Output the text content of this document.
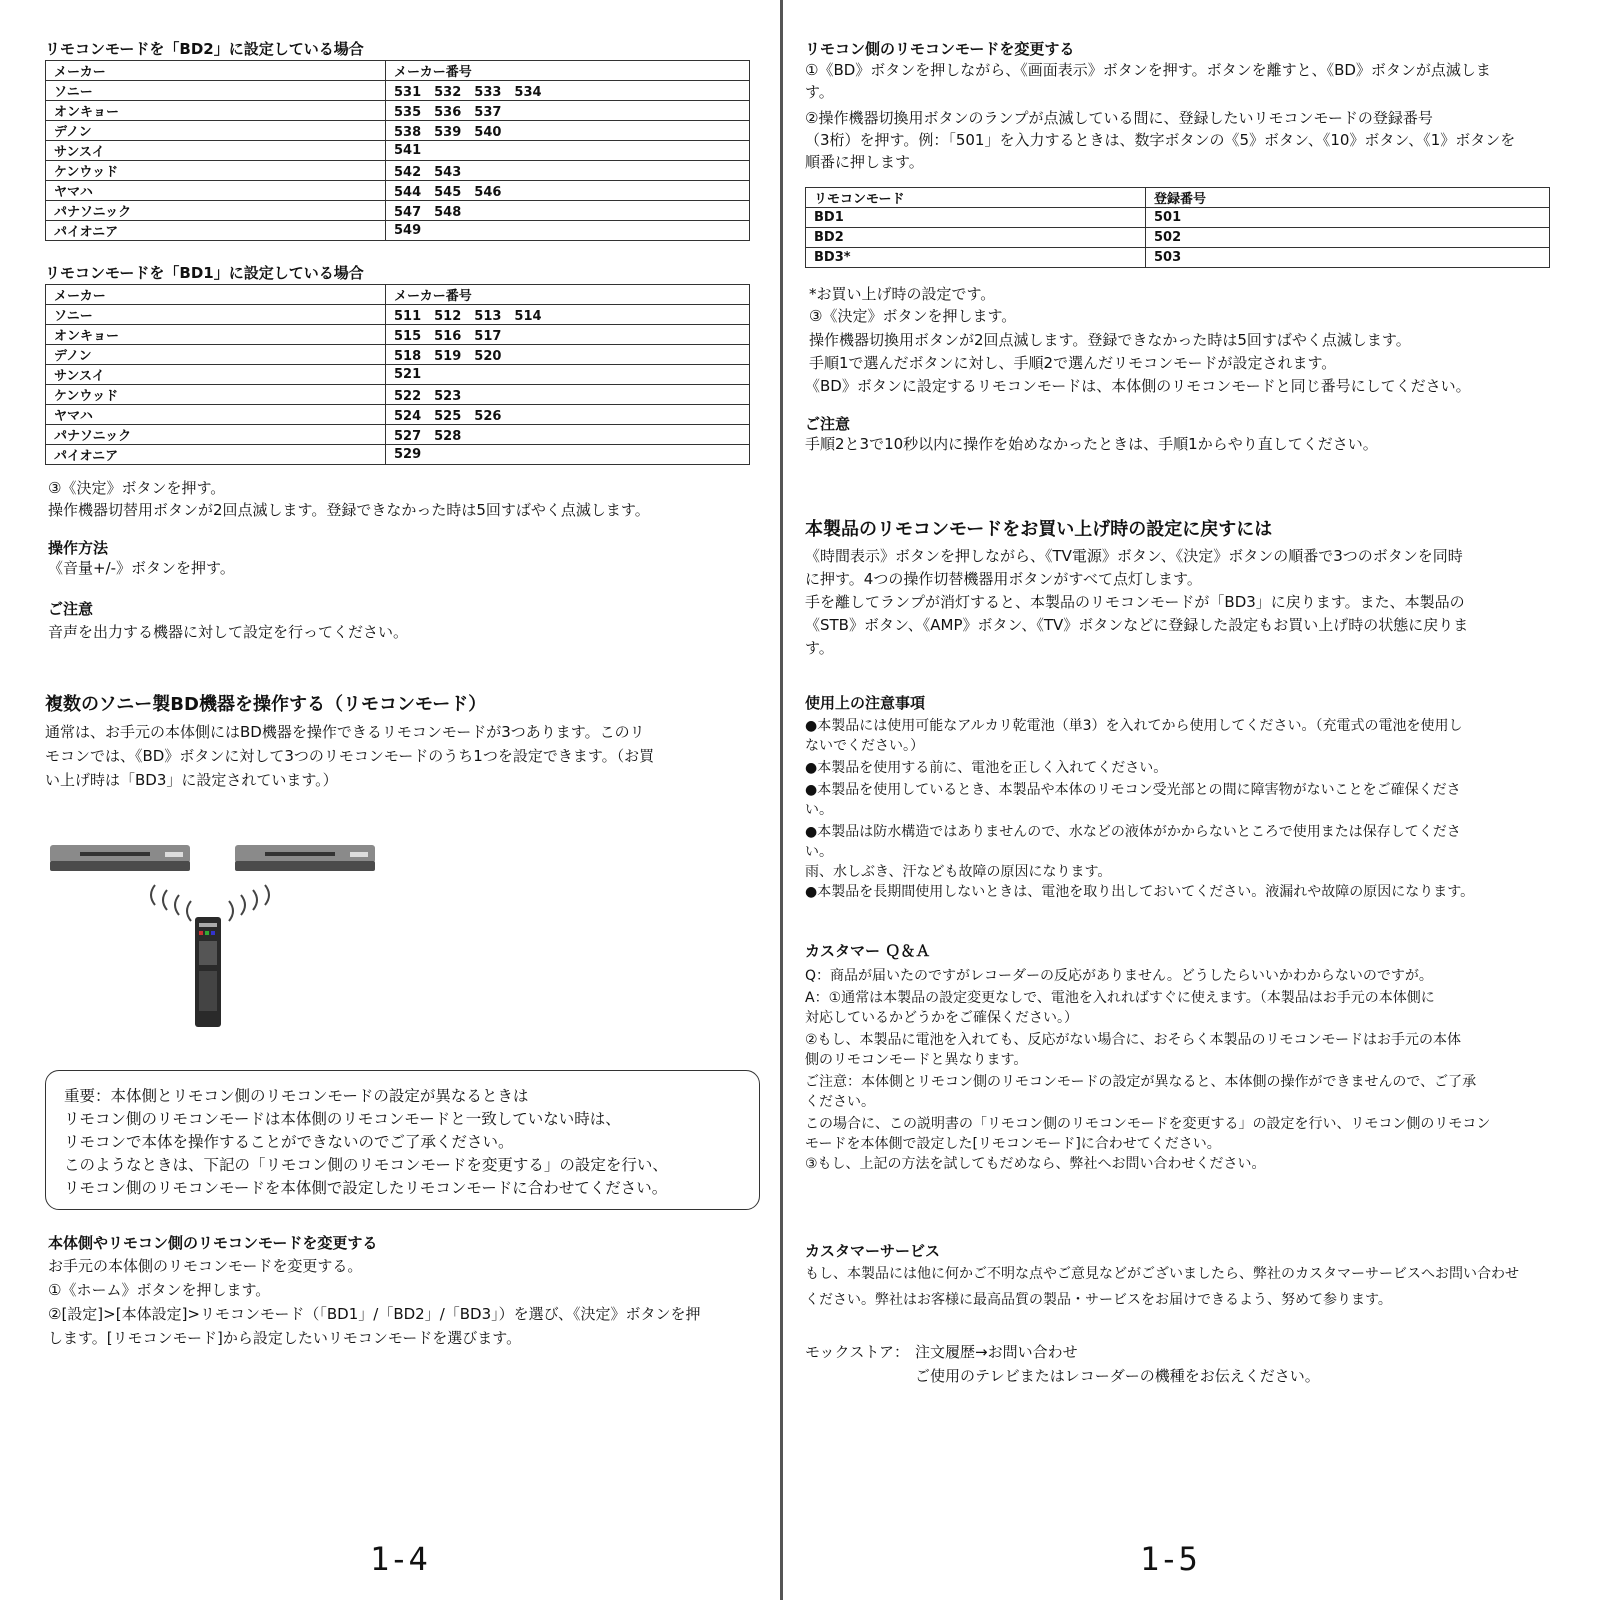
リモコンモードを「BD2」に設定している場合
メーカー	メーカー番号
ソニー	531　532　533　534
オンキョー	535　536　537
デノン	538　539　540
サンスイ	541
ケンウッド	542　543
ヤマハ	544　545　546
パナソニック	547　548
パイオニア	549
リモコンモードを「BD1」に設定している場合
メーカー	メーカー番号
ソニー	511　512　513　514
オンキョー	515　516　517
デノン	518　519　520
サンスイ	521
ケンウッド	522　523
ヤマハ	524　525　526
パナソニック	527　528
パイオニア	529
③《決定》ボタンを押す。
操作機器切替用ボタンが2回点滅します。登録できなかった時は5回すばやく点滅します。
操作方法
《音量+/-》ボタンを押す。
ご注意
音声を出力する機器に対して設定を行ってください。
複数のソニー製BD機器を操作する（リモコンモード）
通常は、お手元の本体側にはBD機器を操作できるリモコンモードが3つあります。このリ
モコンでは、《BD》ボタンに対して3つのリモコンモードのうち1つを設定できます。（お買
い上げ時は「BD3」に設定されています。）
重要：本体側とリモコン側のリモコンモードの設定が異なるときは
リモコン側のリモコンモードは本体側のリモコンモードと一致していない時は、
リモコンで本体を操作することができないのでご了承ください。
このようなときは、下記の「リモコン側のリモコンモードを変更する」の設定を行い、
リモコン側のリモコンモードを本体側で設定したリモコンモードに合わせてください。
本体側やリモコン側のリモコンモードを変更する
お手元の本体側のリモコンモードを変更する。
①《ホーム》ボタンを押します。
②[設定]>[本体設定]>リモコンモード（「BD1」/「BD2」/「BD3」）を選び、《決定》ボタンを押
します。[リモコンモード]から設定したいリモコンモードを選びます。
1-4
リモコン側のリモコンモードを変更する
①《BD》ボタンを押しながら、《画面表示》ボタンを押す。ボタンを離すと、《BD》ボタンが点滅しま
す。
②操作機器切換用ボタンのランプが点滅している間に、登録したいリモコンモードの登録番号
（3桁）を押す。例：「501」を入力するときは、数字ボタンの《5》ボタン、《10》ボタン、《1》ボタンを
順番に押します。
リモコンモード	登録番号
BD1	501
BD2	502
BD3*	503
*お買い上げ時の設定です。
③《決定》ボタンを押します。
操作機器切換用ボタンが2回点滅します。登録できなかった時は5回すばやく点滅します。
手順1で選んだボタンに対し、手順2で選んだリモコンモードが設定されます。
《BD》ボタンに設定するリモコンモードは、本体側のリモコンモードと同じ番号にしてください。
ご注意
手順2と3で10秒以内に操作を始めなかったときは、手順1からやり直してください。
本製品のリモコンモードをお買い上げ時の設定に戻すには
《時間表示》ボタンを押しながら、《TV電源》ボタン、《決定》ボタンの順番で3つのボタンを同時
に押す。4つの操作切替機器用ボタンがすべて点灯します。
手を離してランプが消灯すると、本製品のリモコンモードが「BD3」に戻ります。また、本製品の
《STB》ボタン、《AMP》ボタン、《TV》ボタンなどに登録した設定もお買い上げ時の状態に戻りま
す。
使用上の注意事項
●本製品には使用可能なアルカリ乾電池（単3）を入れてから使用してください。（充電式の電池を使用し
ないでください。）
●本製品を使用する前に、電池を正しく入れてください。
●本製品を使用しているとき、本製品や本体のリモコン受光部との間に障害物がないことをご確保くださ
い。
●本製品は防水構造ではありませんので、水などの液体がかからないところで使用または保存してくださ
い。
雨、水しぶき、汗なども故障の原因になります。
●本製品を長期間使用しないときは、電池を取り出しておいてください。液漏れや故障の原因になります。
カスタマー Ｑ＆Ａ
Q：商品が届いたのですがレコーダーの反応がありません。どうしたらいいかわからないのですが。
A：①通常は本製品の設定変更なしで、電池を入れればすぐに使えます。（本製品はお手元の本体側に
対応しているかどうかをご確保ください。）
②もし、本製品に電池を入れても、反応がない場合に、おそらく本製品のリモコンモードはお手元の本体
側のリモコンモードと異なります。
ご注意：本体側とリモコン側のリモコンモードの設定が異なると、本体側の操作ができませんので、ご了承
ください。
この場合に、この説明書の「リモコン側のリモコンモードを変更する」の設定を行い、リモコン側のリモコン
モードを本体側で設定した[リモコンモード]に合わせてください。
③もし、上記の方法を試してもだめなら、弊社へお問い合わせください。
カスタマーサービス
もし、本製品には他に何かご不明な点やご意見などがございましたら、弊社のカスタマーサービスへお問い合わせ
ください。弊社はお客様に最高品質の製品・サービスをお届けできるよう、努めて参ります。
モックストア： 注文履歴→お問い合わせ
ご使用のテレビまたはレコーダーの機種をお伝えください。
1-5
